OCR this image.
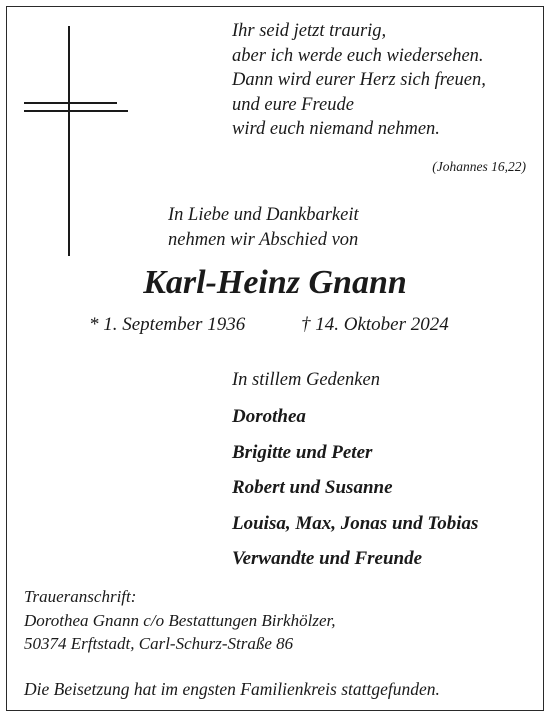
Ihr seid jetzt traurig,
aber ich werde euch wiedersehen.
Dann wird eurer Herz sich freuen,
und eure Freude
wird euch niemand nehmen.
(Johannes 16,22)
In Liebe und Dankbarkeit
nehmen wir Abschied von
Karl-Heinz Gnann
* 1. September 1936	† 14. Oktober 2024
In stillem Gedenken
Dorothea
Brigitte und Peter
Robert und Susanne
Louisa, Max, Jonas und Tobias
Verwandte und Freunde
Traueranschrift:
Dorothea Gnann c/o Bestattungen Birkhölzer,
50374 Erftstadt, Carl-Schurz-Straße 86
Die Beisetzung hat im engsten Familienkreis stattgefunden.
